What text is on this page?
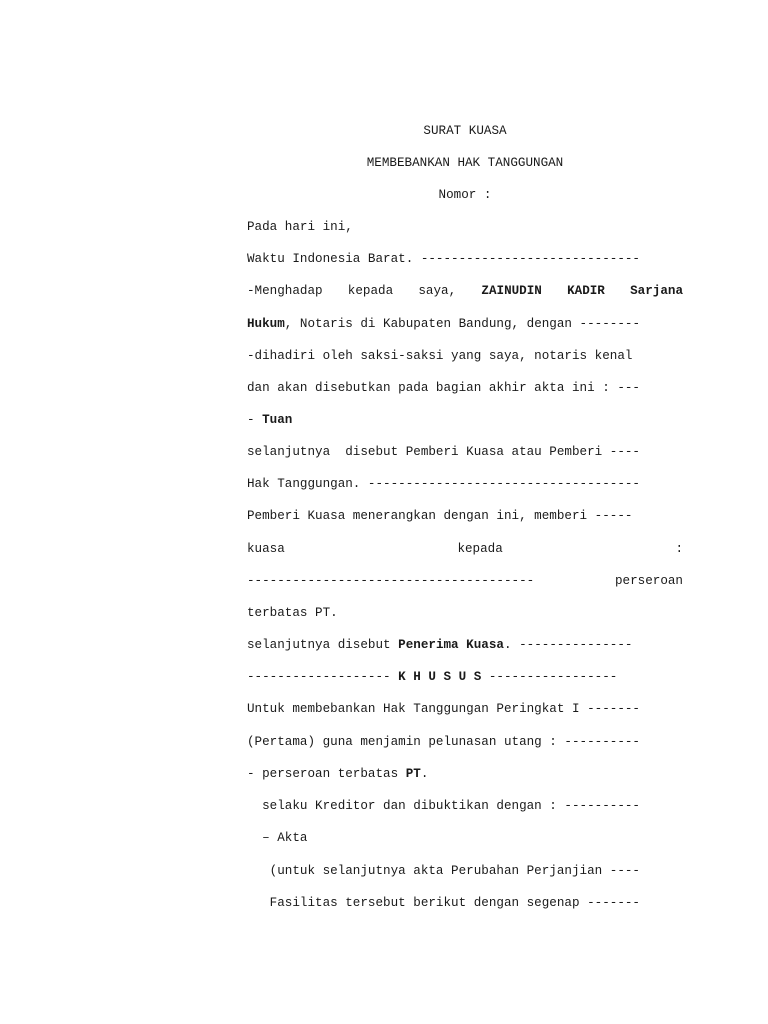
SURAT KUASA
MEMBEBANKAN HAK TANGGUNGAN
Nomor :
Pada hari ini,
Waktu Indonesia Barat. -----------------------------
-Menghadap kepada saya, ZAINUDIN KADIR Sarjana
Hukum, Notaris di Kabupaten Bandung, dengan --------
-dihadiri oleh saksi-saksi yang saya, notaris kenal
dan akan disebutkan pada bagian akhir akta ini : ---
- Tuan
selanjutnya  disebut Pemberi Kuasa atau Pemberi ----
Hak Tanggungan. ------------------------------------
Pemberi Kuasa menerangkan dengan ini, memberi -----
kuasa	kepada	:
--------------------------------------	perseroan
terbatas PT.
selanjutnya disebut Penerima Kuasa. ---------------
------------------- K H U S U S -----------------
Untuk membebankan Hak Tanggungan Peringkat I -------
(Pertama) guna menjamin pelunasan utang : ----------
- perseroan terbatas PT.
selaku Kreditor dan dibuktikan dengan : ----------
– Akta
(untuk selanjutnya akta Perubahan Perjanjian ----
Fasilitas tersebut berikut dengan segenap -------
